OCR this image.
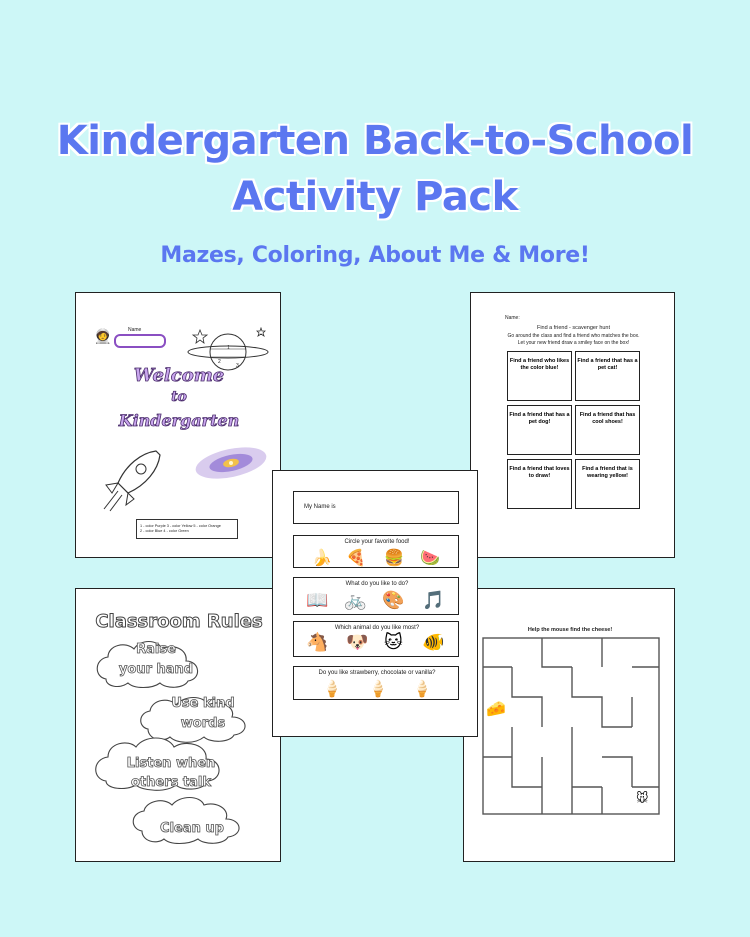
Kindergarten Back-to-School
Activity Pack
Mazes, Coloring, About Me & More!
🧑‍🚀	Name
1
2
3
Welcome
to
Kindergarten
1 - color Purple 3 - color Yellow 5 - color Orange
2 - color Blue 4 - color Green
Name:
Find a friend - scavenger hunt
Go around the class and find a friend who matches the box.
Let your new friend draw a smiley face on the box!
Find a friend who likes the color blue!
Find a friend that has a pet cat!
Find a friend that has a pet dog!
Find a friend that has cool shoes!
Find a friend that loves to draw!
Find a friend that is wearing yellow!
Classroom Rules
Raise
your hand
Use kind
words
Listen when
others talk
Clean up
Help the mouse find the cheese!
🧀
🐭
My Name is
Circle your favorite food!
🍌 🍕 🍔 🍉
What do you like to do?
📖 🚲 🎨 🎵
Which animal do you like most?
🐴 🐶 🐱 🐠
Do you like strawberry, chocolate or vanilla?
🍦 🍦 🍦
